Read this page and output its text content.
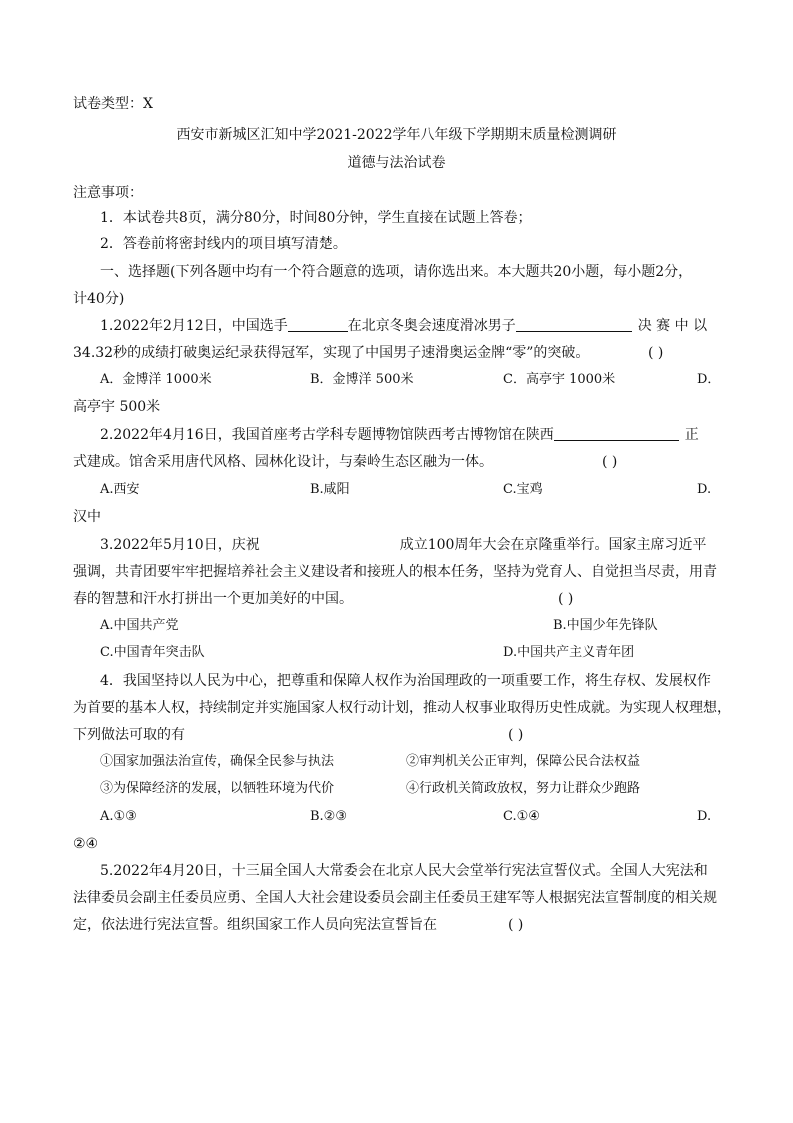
试卷类型：X
西安市新城区汇知中学2021-2022学年八年级下学期期末质量检测调研
道德与法治试卷
注意事项：
1．本试卷共8页，满分80分，时间80分钟，学生直接在试题上答卷；
2．答卷前将密封线内的项目填写清楚。
一、选择题(下列各题中均有一个符合题意的选项，请你选出来。本大题共20小题，每小题2分，
计40分)
1.2022年2月12日，中国选手	在北京冬奥会速度滑冰男子	决 赛 中 以
34.32秒的成绩打破奥运纪录获得冠军，实现了中国男子速滑奥运金牌“零”的突破。	( )
A．金博洋 1000米	B．金博洋 500米	C．高亭宇 1000米	D．
高亭宇 500米
2.2022年4月16日，我国首座考古学科专题博物馆陕西考古博物馆在陕西	正
式建成。馆舍采用唐代风格、园林化设计，与秦岭生态区融为一体。	( )
A.西安	B.咸阳	C.宝鸡	D.
汉中
3.2022年5月10日，庆祝	成立100周年大会在京隆重举行。国家主席习近平
强调，共青团要牢牢把握培养社会主义建设者和接班人的根本任务，坚持为党育人、自觉担当尽责，用青
春的智慧和汗水打拼出一个更加美好的中国。	( )
A.中国共产党	B.中国少年先锋队
C.中国青年突击队	D.中国共产主义青年团
4．我国坚持以人民为中心，把尊重和保障人权作为治国理政的一项重要工作，将生存权、发展权作
为首要的基本人权，持续制定并实施国家人权行动计划，推动人权事业取得历史性成就。为实现人权理想，
下列做法可取的有	( )
①国家加强法治宣传，确保全民参与执法	②审判机关公正审判，保障公民合法权益
③为保障经济的发展，以牺牲环境为代价	④行政机关简政放权，努力让群众少跑路
A.①③	B.②③	C.①④	D.
②④
5.2022年4月20日，十三届全国人大常委会在北京人民大会堂举行宪法宣誓仪式。全国人大宪法和
法律委员会副主任委员应勇、全国人大社会建设委员会副主任委员王建军等人根据宪法宣誓制度的相关规
定，依法进行宪法宣誓。组织国家工作人员向宪法宣誓旨在	( )
